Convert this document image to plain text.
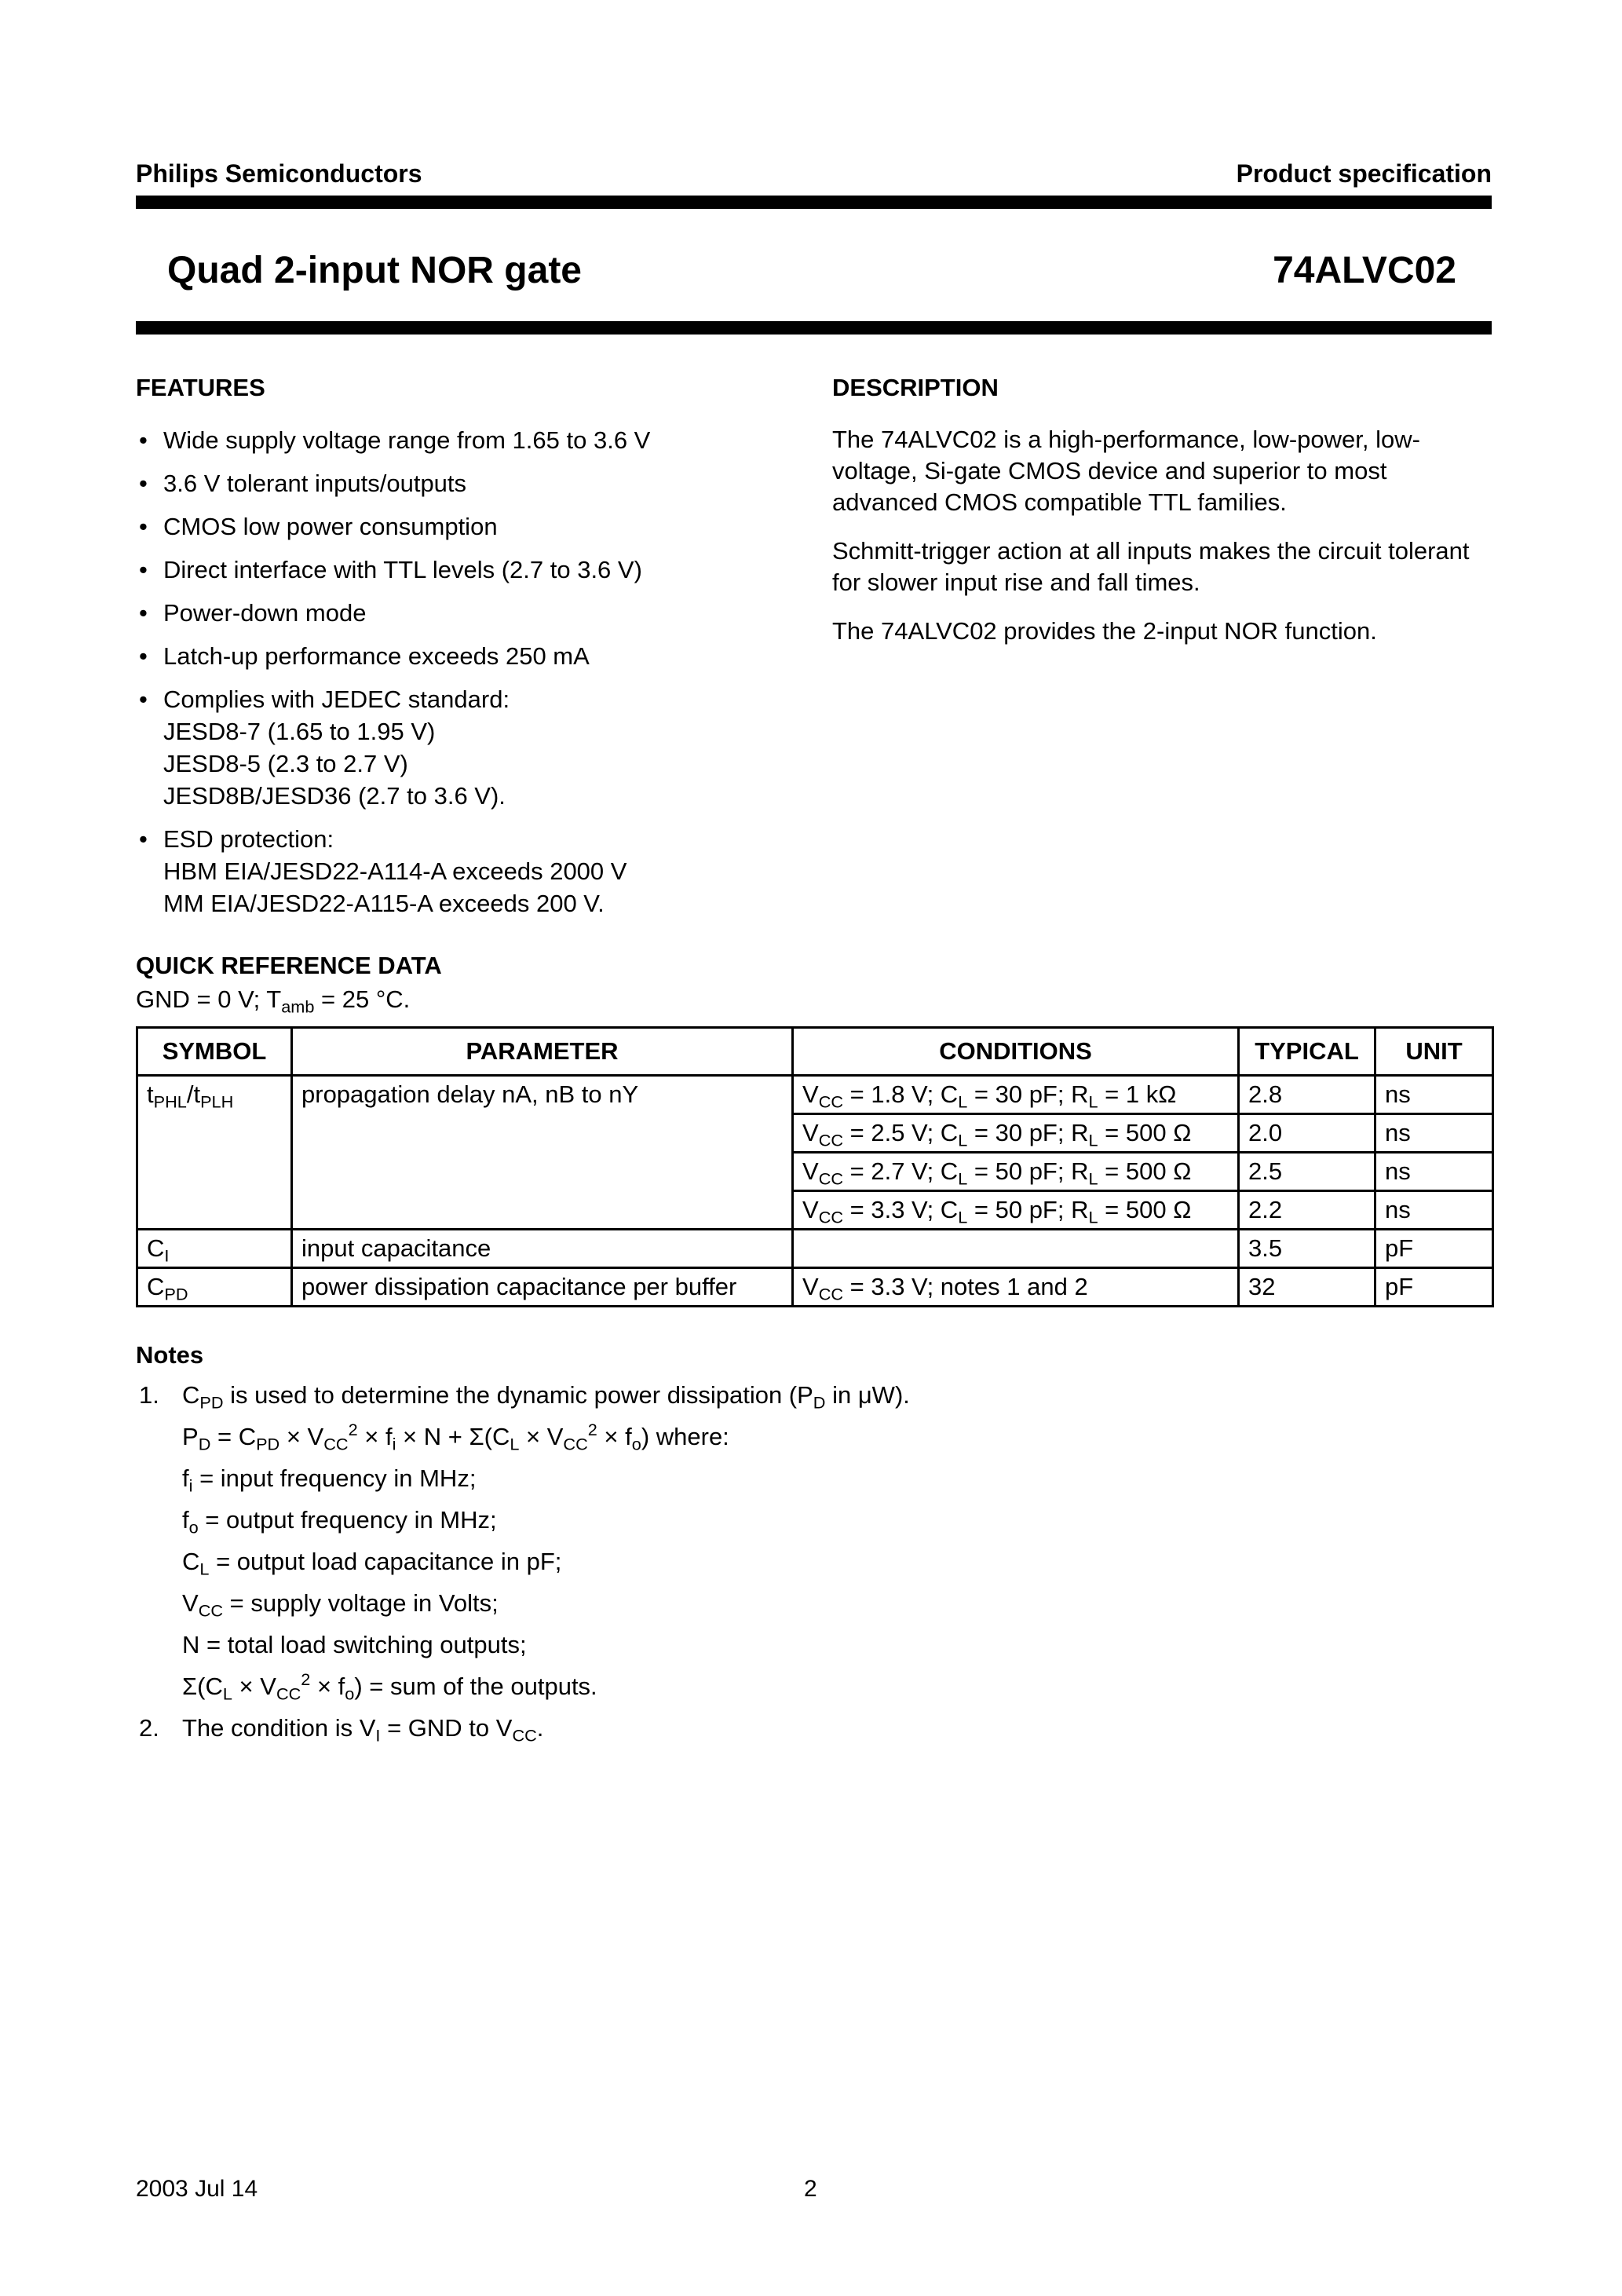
Philips Semiconductors	Product specification
Quad 2-input NOR gate	74ALVC02
FEATURES
• Wide supply voltage range from 1.65 to 3.6 V
• 3.6 V tolerant inputs/outputs
• CMOS low power consumption
• Direct interface with TTL levels (2.7 to 3.6 V)
• Power-down mode
• Latch-up performance exceeds 250 mA
• Complies with JEDEC standard:
JESD8-7 (1.65 to 1.95 V)
JESD8-5 (2.3 to 2.7 V)
JESD8B/JESD36 (2.7 to 3.6 V).
• ESD protection:
HBM EIA/JESD22-A114-A exceeds 2000 V
MM EIA/JESD22-A115-A exceeds 200 V.
DESCRIPTION

The 74ALVC02 is a high-performance, low-power, low-voltage, Si-gate CMOS device and superior to most advanced CMOS compatible TTL families.

Schmitt-trigger action at all inputs makes the circuit tolerant for slower input rise and fall times.

The 74ALVC02 provides the 2-input NOR function.

QUICK REFERENCE DATA
GND = 0 V; $T_{amb} = 25$ °C.
SYMBOL	PARAMETER	CONDITIONS	TYPICAL	UNIT
$t_{PHL}/t_{PLH}$	propagation delay nA, nB to nY	$V_{CC} = 1.8$ V; $C_L = 30$ pF; $R_L = 1$ kΩ	2.8	ns
		$V_{CC} = 2.5$ V; $C_L = 30$ pF; $R_L = 500$ Ω	2.0	ns
		$V_{CC} = 2.7$ V; $C_L = 50$ pF; $R_L = 500$ Ω	2.5	ns
		$V_{CC} = 3.3$ V; $C_L = 50$ pF; $R_L = 500$ Ω	2.2	ns
$C_I$	input capacitance		3.5	pF
$C_{PD}$	power dissipation capacitance per buffer	$V_{CC} = 3.3$ V; notes 1 and 2	32	pF
Notes
1. $C_{PD}$ is used to determine the dynamic power dissipation ($P_D$ in μW).
$P_D = C_{PD} \times V_{CC}^2 \times f_i \times N + \Sigma(C_L \times V_{CC}^2 \times f_o)$ where:
$f_i$ = input frequency in MHz;
$f_o$ = output frequency in MHz;
$C_L$ = output load capacitance in pF;
$V_{CC}$ = supply voltage in Volts;
N = total load switching outputs;
$\Sigma(C_L \times V_{CC}^2 \times f_o)$ = sum of the outputs.
2. The condition is $V_I$ = GND to $V_{CC}$.
2003 Jul 14	2
